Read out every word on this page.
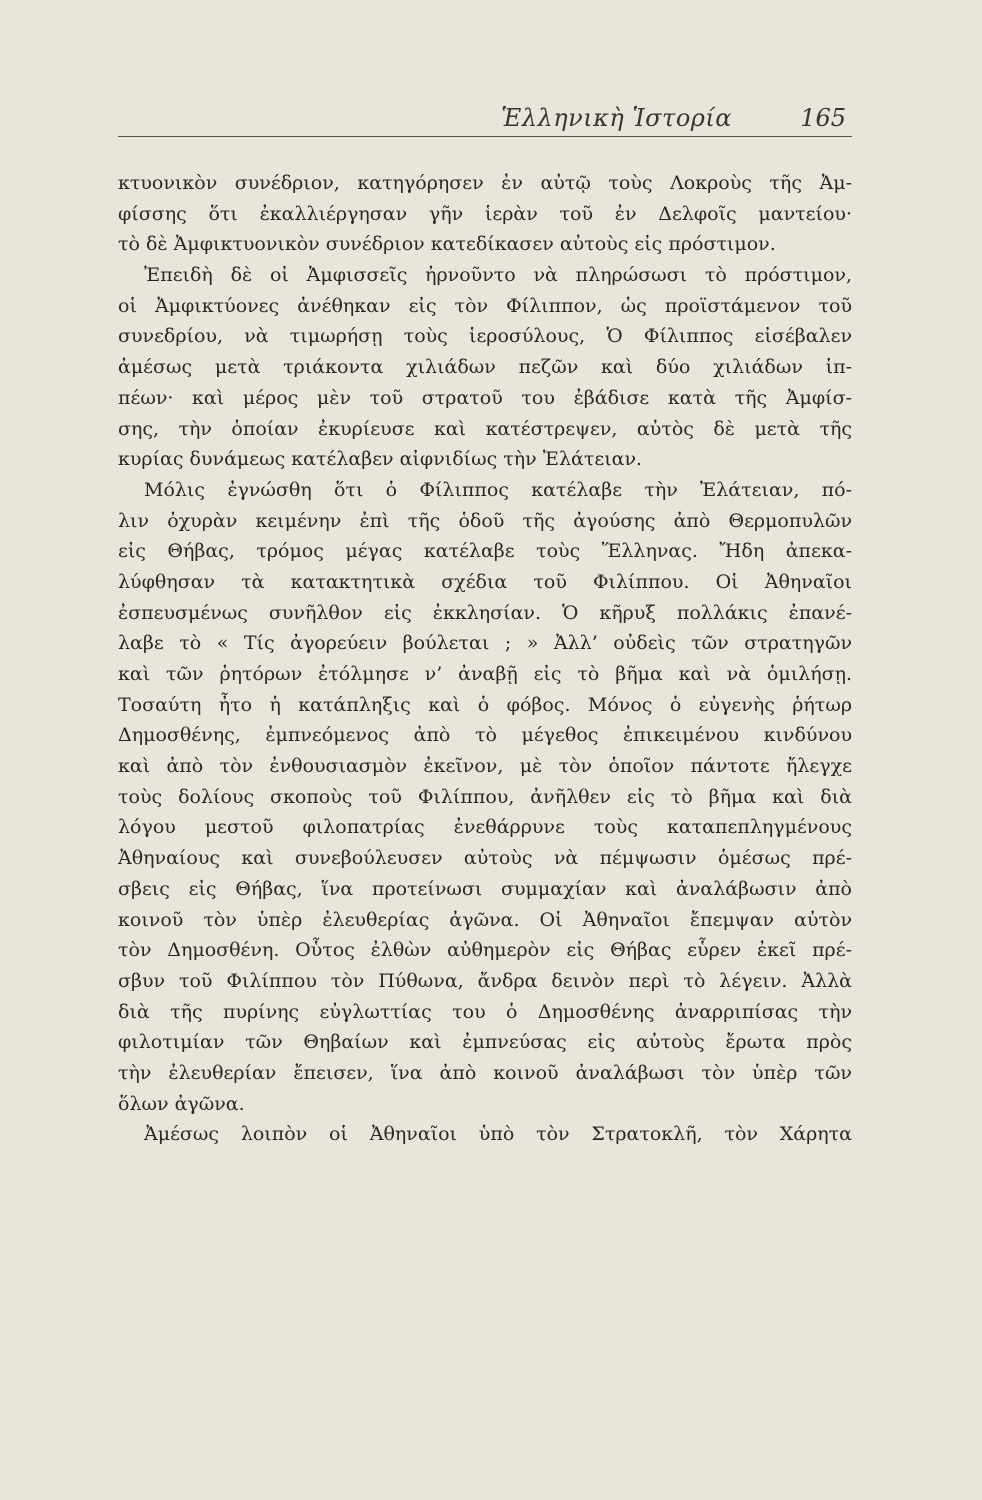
Ἑλληνικὴ Ἱστορία	165
κτυονικὸν συνέδριον, κατηγόρησεν ἐν αὐτῷ τοὺς Λοκροὺς τῆς Ἀμ-
φίσσης ὅτι ἐκαλλιέργησαν γῆν ἱερὰν τοῦ ἐν Δελφοῖς μαντείου·
τὸ δὲ Ἀμφικτυονικὸν συνέδριον κατεδίκασεν αὐτοὺς εἰς πρόστιμον.
Ἐπειδὴ δὲ οἱ Ἀμφισσεῖς ἠρνοῦντο νὰ πληρώσωσι τὸ πρόστιμον,
οἱ Ἀμφικτύονες ἀνέθηκαν εἰς τὸν Φίλιππον, ὡς προϊστάμενον τοῦ
συνεδρίου, νὰ τιμωρήσῃ τοὺς ἱεροσύλους, Ὁ Φίλιππος εἰσέβαλεν
ἀμέσως μετὰ τριάκοντα χιλιάδων πεζῶν καὶ δύο χιλιάδων ἱπ-
πέων· καὶ μέρος μὲν τοῦ στρατοῦ του ἐβάδισε κατὰ τῆς Ἀμφίσ-
σης, τὴν ὁποίαν ἐκυρίευσε καὶ κατέστρεψεν, αὐτὸς δὲ μετὰ τῆς
κυρίας δυνάμεως κατέλαβεν αἰφνιδίως τὴν Ἐλάτειαν.
Μόλις ἐγνώσθη ὅτι ὁ Φίλιππος κατέλαβε τὴν Ἐλάτειαν, πό-
λιν ὀχυρὰν κειμένην ἐπὶ τῆς ὁδοῦ τῆς ἀγούσης ἀπὸ Θερμοπυλῶν
εἰς Θήβας, τρόμος μέγας κατέλαβε τοὺς Ἕλληνας. Ἤδη ἀπεκα-
λύφθησαν τὰ κατακτητικὰ σχέδια τοῦ Φιλίππου. Οἱ Ἀθηναῖοι
ἐσπευσμένως συνῆλθον εἰς ἐκκλησίαν. Ὁ κῆρυξ πολλάκις ἐπανέ-
λαβε τὸ « Τίς ἀγορεύειν βούλεται ; » Ἀλλ’ οὐδεὶς τῶν στρατηγῶν
καὶ τῶν ῥητόρων ἐτόλμησε ν’ ἀναβῇ εἰς τὸ βῆμα καὶ νὰ ὁμιλήσῃ.
Τοσαύτη ἦτο ἡ κατάπληξις καὶ ὁ φόβος. Μόνος ὁ εὐγενὴς ῥήτωρ
Δημοσθένης, ἐμπνεόμενος ἀπὸ τὸ μέγεθος ἐπικειμένου κινδύνου
καὶ ἀπὸ τὸν ἐνθουσιασμὸν ἐκεῖνον, μὲ τὸν ὁποῖον πάντοτε ἤλεγχε
τοὺς δολίους σκοποὺς τοῦ Φιλίππου, ἀνῆλθεν εἰς τὸ βῆμα καὶ διὰ
λόγου μεστοῦ φιλοπατρίας ἐνεθάρρυνε τοὺς καταπεπληγμένους
Ἀθηναίους καὶ συνεβούλευσεν αὐτοὺς νὰ πέμψωσιν ὁμέσως πρέ-
σβεις εἰς Θήβας, ἵνα προτείνωσι συμμαχίαν καὶ ἀναλάβωσιν ἀπὸ
κοινοῦ τὸν ὑπὲρ ἐλευθερίας ἀγῶνα. Οἱ Ἀθηναῖοι ἔπεμψαν αὐτὸν
τὸν Δημοσθένη. Οὗτος ἐλθὼν αὐθημερὸν εἰς Θήβας εὗρεν ἐκεῖ πρέ-
σβυν τοῦ Φιλίππου τὸν Πύθωνα, ἄνδρα δεινὸν περὶ τὸ λέγειν. Ἀλλὰ
διὰ τῆς πυρίνης εὐγλωττίας του ὁ Δημοσθένης ἀναρριπίσας τὴν
φιλοτιμίαν τῶν Θηβαίων καὶ ἐμπνεύσας εἰς αὐτοὺς ἔρωτα πρὸς
τὴν ἐλευθερίαν ἔπεισεν, ἵνα ἀπὸ κοινοῦ ἀναλάβωσι τὸν ὑπὲρ τῶν
ὅλων ἀγῶνα.
Ἀμέσως λοιπὸν οἱ Ἀθηναῖοι ὑπὸ τὸν Στρατοκλῆ, τὸν Χάρητα
